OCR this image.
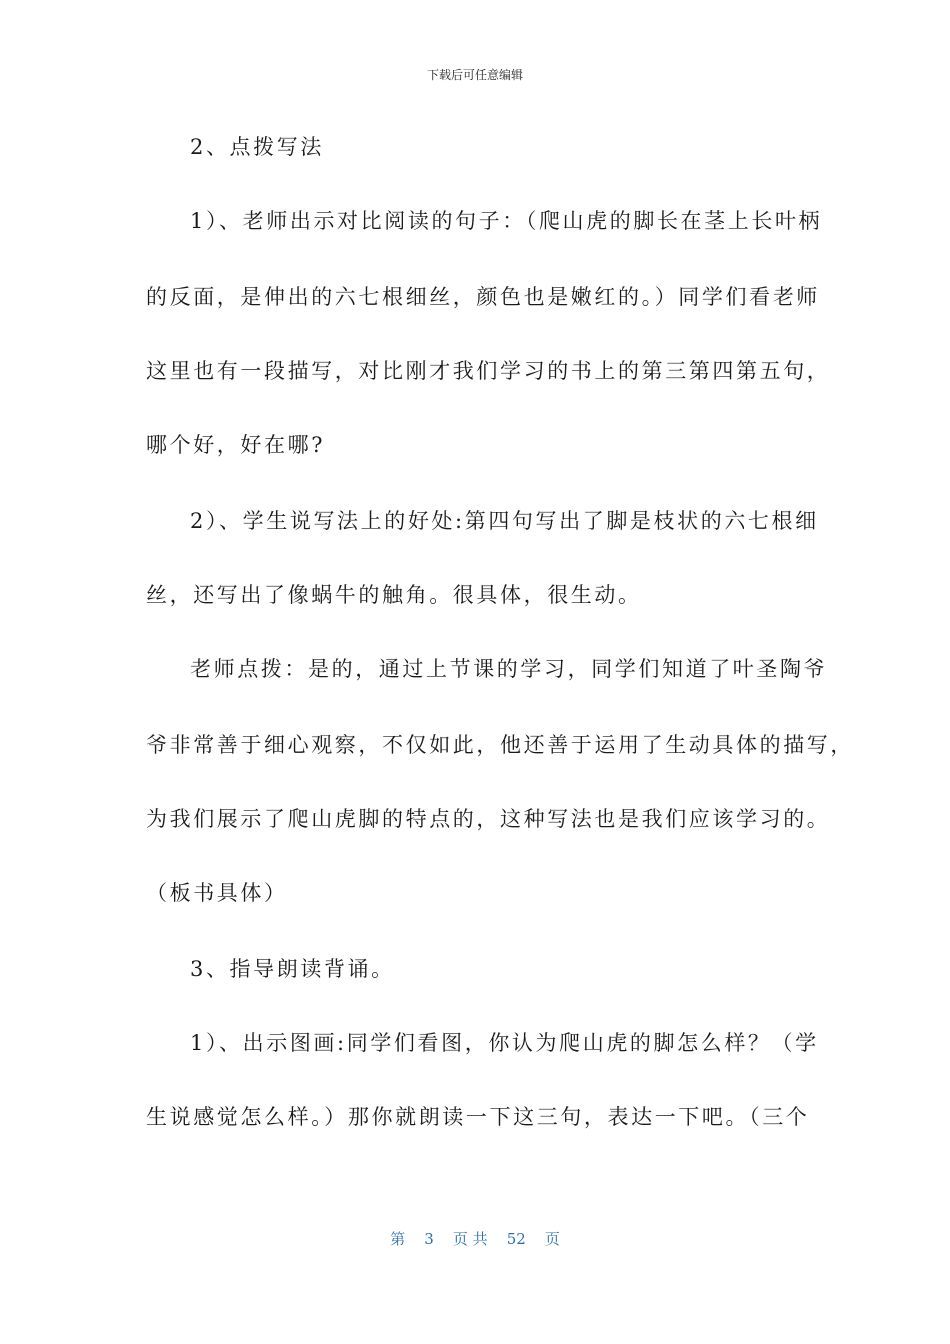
下载后可任意编辑
2、点拨写法
1）、老师出示对比阅读的句子：（爬山虎的脚长在茎上长叶柄
的反面，是伸出的六七根细丝，颜色也是嫩红的。）同学们看老师
这里也有一段描写，对比刚才我们学习的书上的第三第四第五句，
哪个好，好在哪?
2）、学生说写法上的好处:第四句写出了脚是枝状的六七根细
丝，还写出了像蜗牛的触角。很具体，很生动。
老师点拨：是的，通过上节课的学习，同学们知道了叶圣陶爷
爷非常善于细心观察，不仅如此，他还善于运用了生动具体的描写，
为我们展示了爬山虎脚的特点的，这种写法也是我们应该学习的。
（板书具体）
3、指导朗读背诵。
1）、出示图画:同学们看图，你认为爬山虎的脚怎么样？（学
生说感觉怎么样。）那你就朗读一下这三句，表达一下吧。（三个
第 3 页 共 52 页
